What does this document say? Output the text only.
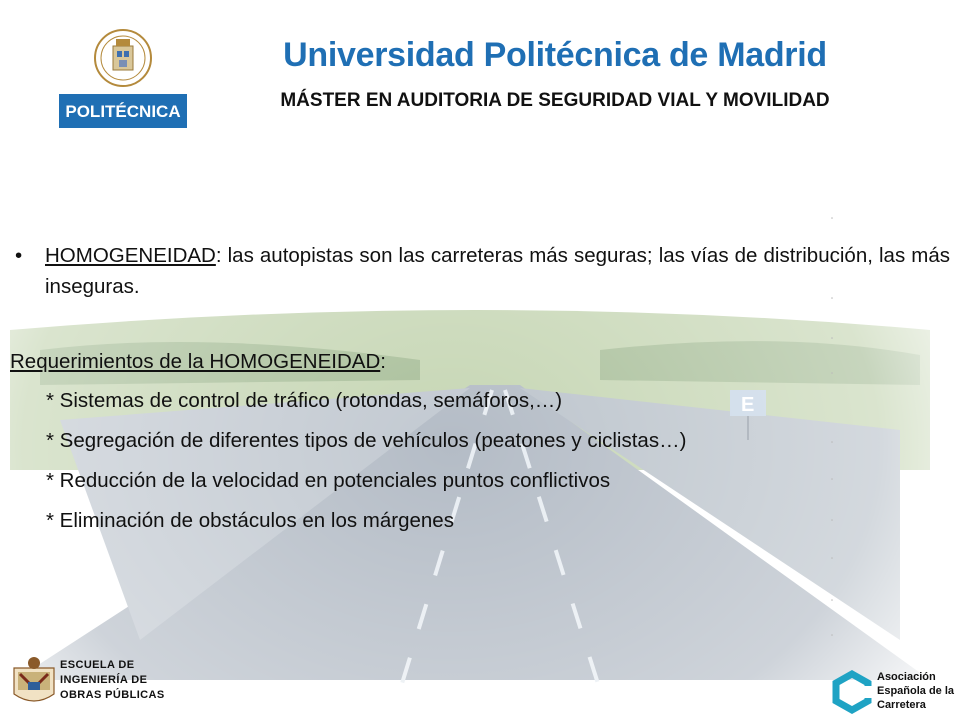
POLITÉCNICA
Universidad Politécnica de Madrid
MÁSTER EN AUDITORIA DE SEGURIDAD VIAL Y MOVILIDAD
• HOMOGENEIDAD: las autopistas son las carreteras más seguras; las vías de distribución, las más inseguras.
Requerimientos de la HOMOGENEIDAD:
* Sistemas de control de tráfico (rotondas, semáforos,…)
* Segregación de diferentes tipos de vehículos (peatones y ciclistas…)
* Reducción de la velocidad en potenciales puntos conflictivos
* Eliminación de obstáculos en los márgenes
ESCUELA DE
INGENIERÍA DE
OBRAS PÚBLICAS
Asociación
Española de la
Carretera
